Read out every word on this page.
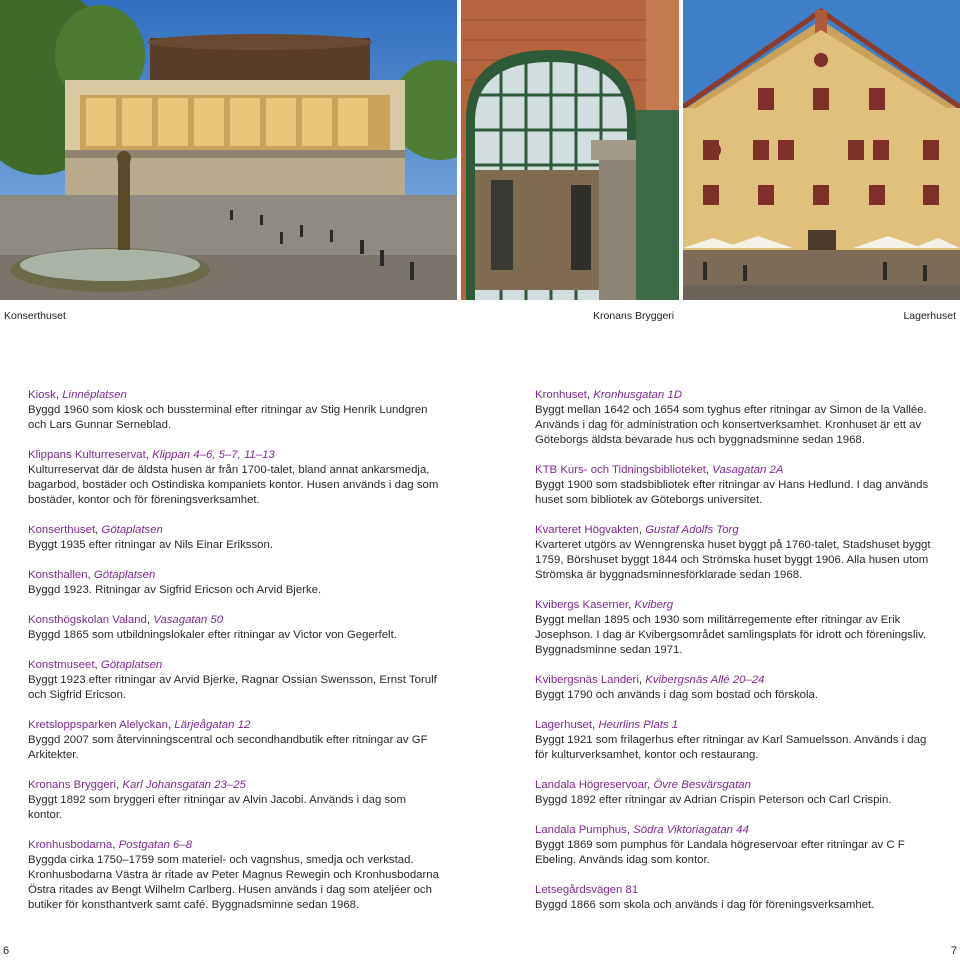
Konserthuset	Kronans Bryggeri	Lagerhuset

Kiosk, Linnéplatsen
Byggd 1960 som kiosk och bussterminal efter ritningar av Stig Henrik Lundgren och Lars Gunnar Serneblad.

Klippans Kulturreservat, Klippan 4–6, 5–7, 11–13
Kulturreservat där de äldsta husen är från 1700-talet, bland annat ankarsmedja, bagarbod, bostäder och Ostindiska kompaniets kontor. Husen används i dag som bostäder, kontor och för föreningsverksamhet.

Konserthuset, Götaplatsen
Byggt 1935 efter ritningar av Nils Einar Eriksson.

Konsthallen, Götaplatsen
Byggd 1923. Ritningar av Sigfrid Ericson och Arvid Bjerke.

Konsthögskolan Valand, Vasagatan 50
Byggd 1865 som utbildningslokaler efter ritningar av Victor von Gegerfelt.

Konstmuseet, Götaplatsen
Byggt 1923 efter ritningar av Arvid Bjerke, Ragnar Ossian Swensson, Ernst Torulf och Sigfrid Ericson.

Kretsloppsparken Alelyckan, Lärjeågatan 12
Byggd 2007 som återvinningscentral och secondhandbutik efter ritningar av GF Arkitekter.

Kronans Bryggeri, Karl Johansgatan 23–25
Byggt 1892 som bryggeri efter ritningar av Alvin Jacobi. Används i dag som kontor.

Kronhusbodarna, Postgatan 6–8
Byggda cirka 1750–1759 som materiel- och vagnshus, smedja och verkstad. Kronhusbodarna Västra är ritade av Peter Magnus Rewegin och Kronhusbodarna Östra ritades av Bengt Wilhelm Carlberg. Husen används i dag som ateljéer och butiker för konsthantverk samt café. Byggnadsminne sedan 1968.

Kronhuset, Kronhusgatan 1D
Byggt mellan 1642 och 1654 som tyghus efter ritningar av Simon de la Vallée. Används i dag för administration och konsertverksamhet. Kronhuset är ett av Göteborgs äldsta bevarade hus och byggnadsminne sedan 1968.

KTB Kurs- och Tidningsbiblioteket, Vasagatan 2A
Byggt 1900 som stadsbibliotek efter ritningar av Hans Hedlund. I dag används huset som bibliotek av Göteborgs universitet.

Kvarteret Högvakten, Gustaf Adolfs Torg
Kvarteret utgörs av Wenngrenska huset byggt på 1760-talet, Stadshuset byggt 1759, Börshuset byggt 1844 och Strömska huset byggt 1906. Alla husen utom Strömska är byggnadsminnesförklarade sedan 1968.

Kvibergs Kaserner, Kviberg
Byggt mellan 1895 och 1930 som militärregemente efter ritningar av Erik Josephson. I dag är Kvibergsområdet samlingsplats för idrott och föreningsliv. Byggnadsminne sedan 1971.

Kvibergsnäs Landeri, Kvibergsnäs Allé 20–24
Byggt 1790 och används i dag som bostad och förskola.

Lagerhuset, Heurlins Plats 1
Byggt 1921 som frilagerhus efter ritningar av Karl Samuelsson. Används i dag för kulturverksamhet, kontor och restaurang.

Landala Högreservoar, Övre Besvärsgatan
Byggd 1892 efter ritningar av Adrian Crispin Peterson och Carl Crispin.

Landala Pumphus, Södra Viktoriagatan 44
Byggt 1869 som pumphus för Landala högreservoar efter ritningar av C F Ebeling. Används idag som kontor.

Letsegårdsvägen 81
Byggd 1866 som skola och används i dag för föreningsverksamhet.

6	7
